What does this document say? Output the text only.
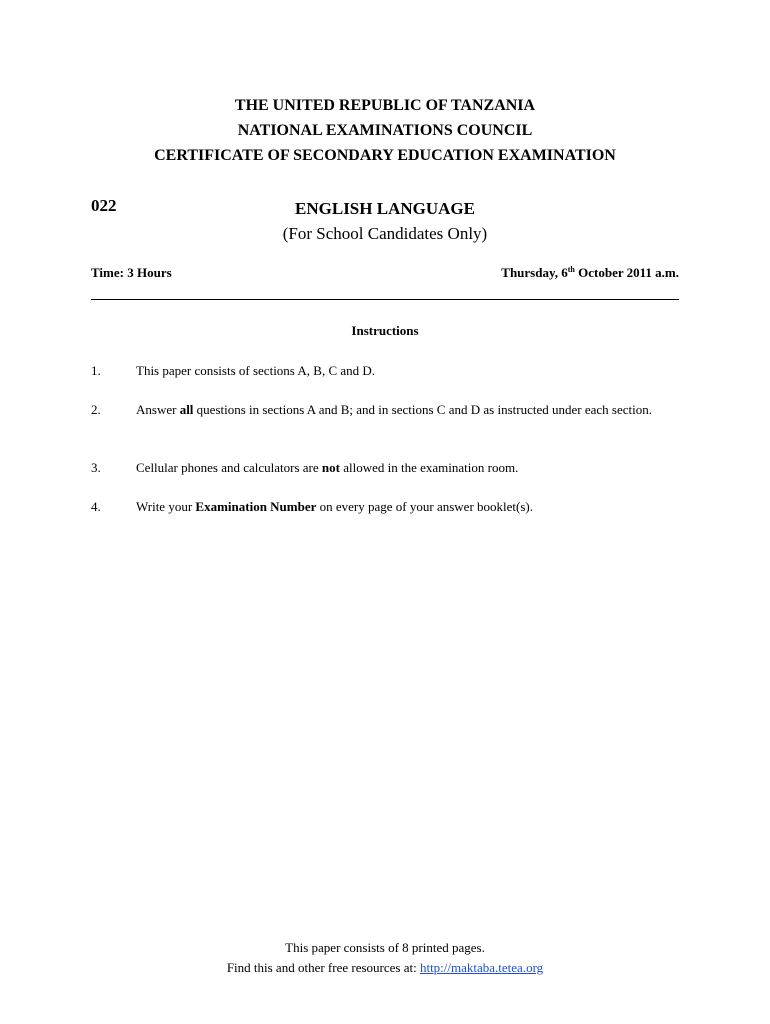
THE UNITED REPUBLIC OF TANZANIA
NATIONAL EXAMINATIONS COUNCIL
CERTIFICATE OF SECONDARY EDUCATION EXAMINATION
022	ENGLISH LANGUAGE
(For School Candidates Only)
Time: 3 Hours	Thursday, 6th October 2011 a.m.
Instructions
1.	This paper consists of sections A, B, C and D.
2.	Answer all questions in sections A and B; and in sections C and D as instructed under each section.
3.	Cellular phones and calculators are not allowed in the examination room.
4.	Write your Examination Number on every page of your answer booklet(s).
This paper consists of 8 printed pages.
Find this and other free resources at: http://maktaba.tetea.org
